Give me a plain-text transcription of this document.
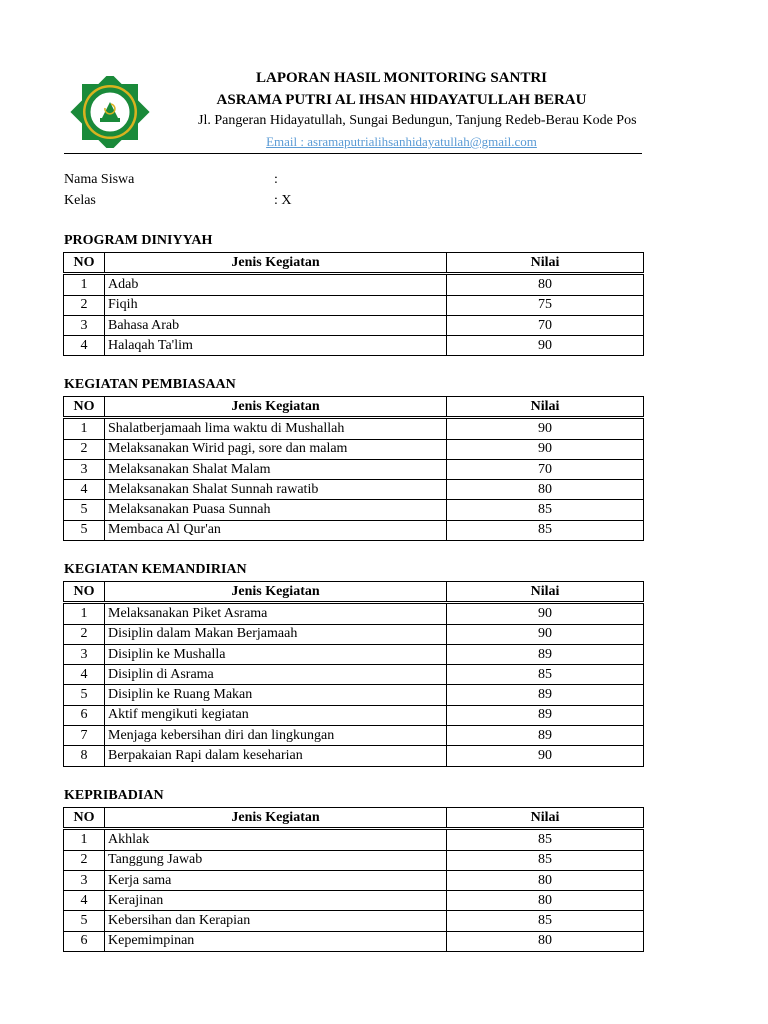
LAPORAN HASIL MONITORING SANTRI
ASRAMA PUTRI AL IHSAN HIDAYATULLAH BERAU
Jl. Pangeran Hidayatullah, Sungai Bedungun, Tanjung Redeb-Berau Kode Pos
Email : asramaputrialihsanhidayatullah@gmail.com
Nama Siswa	:
Kelas	: X
PROGRAM DINIYYAH
NO	Jenis Kegiatan	Nilai
1	Adab	80
2	Fiqih	75
3	Bahasa Arab	70
4	Halaqah Ta'lim	90
KEGIATAN PEMBIASAAN
NO	Jenis Kegiatan	Nilai
1	Shalatberjamaah lima waktu di Mushallah	90
2	Melaksanakan Wirid pagi, sore dan malam	90
3	Melaksanakan Shalat Malam	70
4	Melaksanakan Shalat Sunnah rawatib	80
5	Melaksanakan Puasa Sunnah	85
5	Membaca Al Qur'an	85
KEGIATAN KEMANDIRIAN
NO	Jenis Kegiatan	Nilai
1	Melaksanakan Piket Asrama	90
2	Disiplin dalam Makan Berjamaah	90
3	Disiplin ke Mushalla	89
4	Disiplin di Asrama	85
5	Disiplin ke Ruang Makan	89
6	Aktif mengikuti kegiatan	89
7	Menjaga kebersihan diri dan lingkungan	89
8	Berpakaian Rapi dalam keseharian	90
KEPRIBADIAN
NO	Jenis Kegiatan	Nilai
1	Akhlak	85
2	Tanggung Jawab	85
3	Kerja sama	80
4	Kerajinan	80
5	Kebersihan dan Kerapian	85
6	Kepemimpinan	80
